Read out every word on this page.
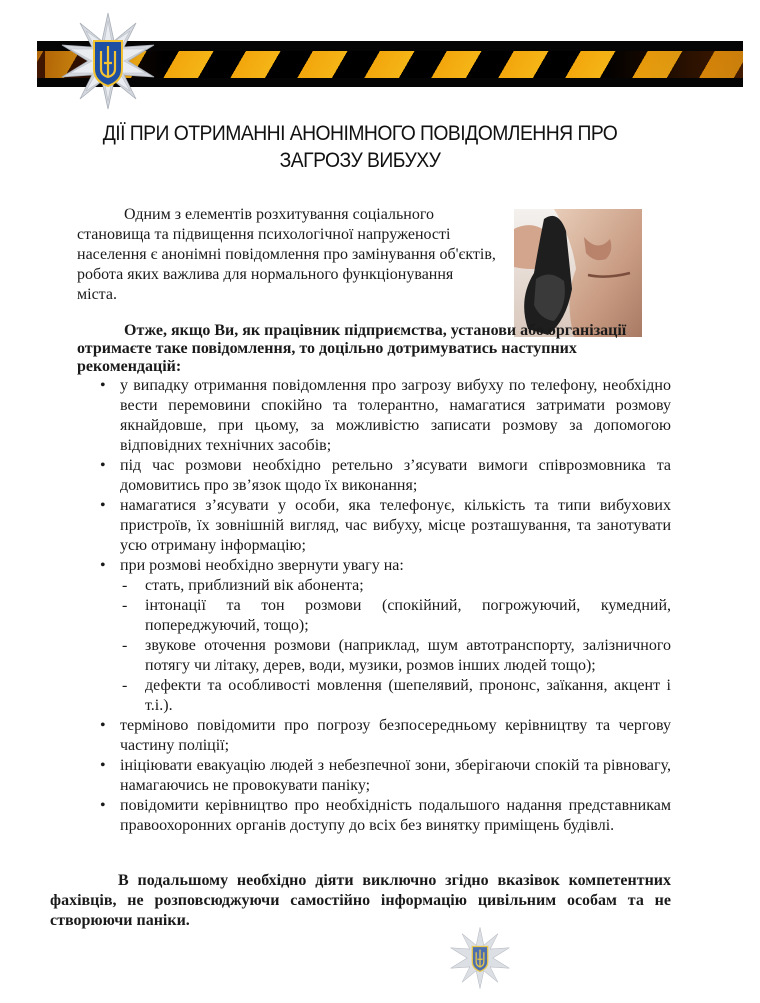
ДІЇ ПРИ ОТРИМАННІ АНОНІМНОГО ПОВІДОМЛЕННЯ ПРО
ЗАГРОЗУ ВИБУХУ

Одним з елементів розхитування соціального становища та підвищення психологічної напруженості населення є анонімні повідомлення про замінування об'єктів, робота яких важлива для нормального функціонування міста.

Отже, якщо Ви, як працівник підприємства, установи або організації отримаєте таке повідомлення, то доцільно дотримуватись наступних рекомендацій:

• у випадку отримання повідомлення про загрозу вибуху по телефону, необхідно вести перемовини спокійно та толерантно, намагатися затримати розмову якнайдовше, при цьому, за можливістю записати розмову за допомогою відповідних технічних засобів;
• під час розмови необхідно ретельно з’ясувати вимоги співрозмовника та домовитись про зв’язок щодо їх виконання;
• намагатися з’ясувати у особи, яка телефонує, кількість та типи вибухових пристроїв, їх зовнішній вигляд, час вибуху, місце розташування, та занотувати усю отриману інформацію;
• при розмові необхідно звернути увагу на:
- стать, приблизний вік абонента;
- інтонації та тон розмови (спокійний, погрожуючий, кумедний, попереджуючий, тощо);
- звукове оточення розмови (наприклад, шум автотранспорту, залізничного потягу чи літаку, дерев, води, музики, розмов інших людей тощо);
- дефекти та особливості мовлення (шепелявий, прононс, заїкання, акцент і т.і.).
• терміново повідомити про погрозу безпосередньому керівництву та чергову частину поліції;
• ініціювати евакуацію людей з небезпечної зони, зберігаючи спокій та рівновагу, намагаючись не провокувати паніку;
• повідомити керівництво про необхідність подальшого надання представникам правоохоронних органів доступу до всіх без винятку приміщень будівлі.

В подальшому необхідно діяти виключно згідно вказівок компетентних фахівців, не розповсюджуючи самостійно інформацію цивільним особам та не створюючи паніки.
